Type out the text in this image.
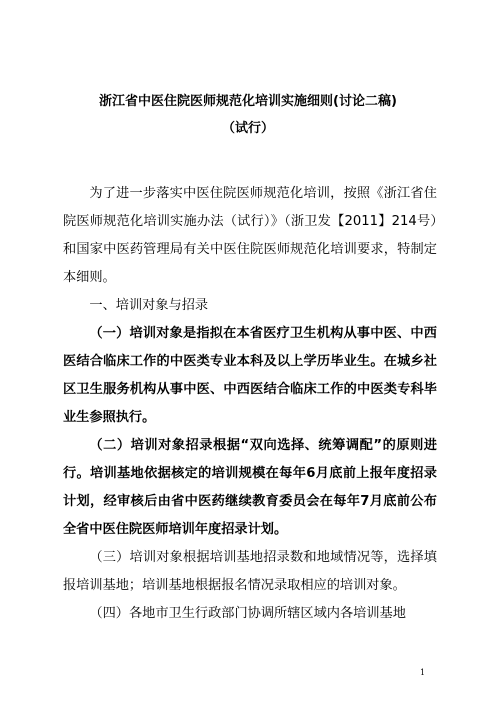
浙江省中医住院医师规范化培训实施细则(讨论二稿)
（试行）

为了进一步落实中医住院医师规范化培训，按照《浙江省住院医师规范化培训实施办法（试行）》（浙卫发【2011】214号）和国家中医药管理局有关中医住院医师规范化培训要求，特制定本细则。

一、培训对象与招录

（一）培训对象是指拟在本省医疗卫生机构从事中医、中西医结合临床工作的中医类专业本科及以上学历毕业生。在城乡社区卫生服务机构从事中医、中西医结合临床工作的中医类专科毕业生参照执行。

（二）培训对象招录根据“双向选择、统筹调配”的原则进行。培训基地依据核定的培训规模在每年6月底前上报年度招录计划，经审核后由省中医药继续教育委员会在每年7月底前公布全省中医住院医师培训年度招录计划。

（三）培训对象根据培训基地招录数和地域情况等，选择填报培训基地；培训基地根据报名情况录取相应的培训对象。

（四）各地市卫生行政部门协调所辖区域内各培训基地

1
